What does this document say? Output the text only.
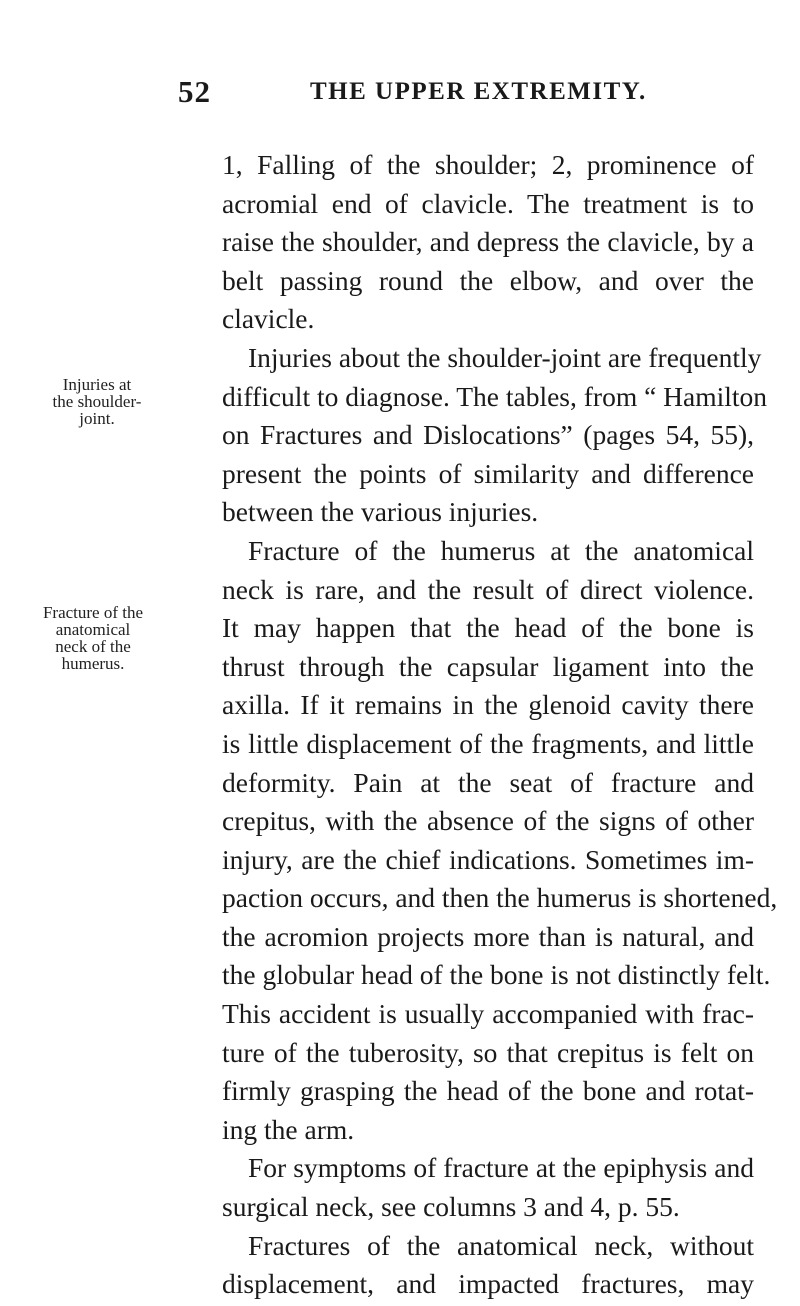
52	THE UPPER EXTREMITY.
Injuries at
the shoulder-
joint.
Fracture of the
anatomical
neck of the
humerus.
1, Falling of the shoulder; 2, prominence of
acromial end of clavicle. The treatment is to
raise the shoulder, and depress the clavicle, by a
belt passing round the elbow, and over the
clavicle.
Injuries about the shoulder-joint are frequently
difficult to diagnose. The tables, from “ Hamilton
on Fractures and Dislocations” (pages 54, 55),
present the points of similarity and difference
between the various injuries.
Fracture of the humerus at the anatomical
neck is rare, and the result of direct violence.
It may happen that the head of the bone is
thrust through the capsular ligament into the
axilla. If it remains in the glenoid cavity there
is little displacement of the fragments, and little
deformity. Pain at the seat of fracture and
crepitus, with the absence of the signs of other
injury, are the chief indications. Sometimes im-
paction occurs, and then the humerus is shortened,
the acromion projects more than is natural, and
the globular head of the bone is not distinctly felt.
This accident is usually accompanied with frac-
ture of the tuberosity, so that crepitus is felt on
firmly grasping the head of the bone and rotat-
ing the arm.
For symptoms of fracture at the epiphysis and
surgical neck, see columns 3 and 4, p. 55.
Fractures of the anatomical neck, without
displacement, and impacted fractures, may
